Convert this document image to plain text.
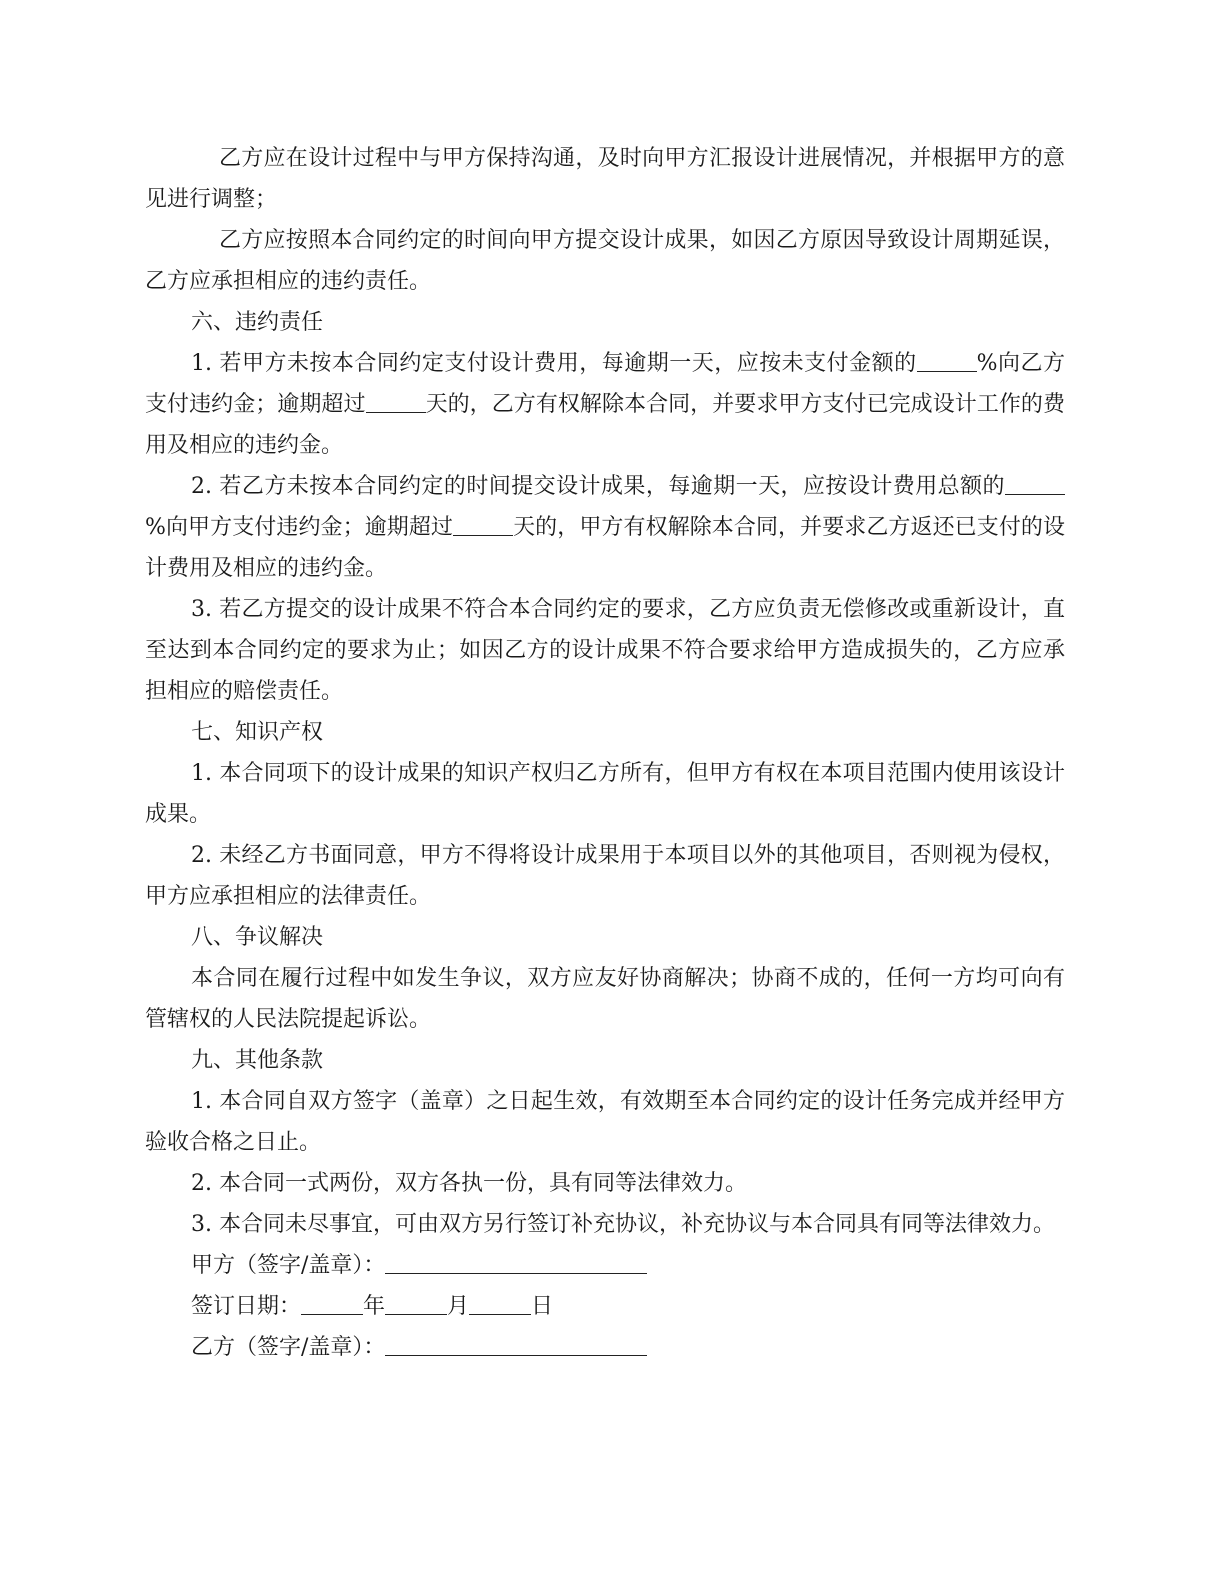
乙方应在设计过程中与甲方保持沟通，及时向甲方汇报设计进展情况，并根据甲方的意见进行调整；

乙方应按照本合同约定的时间向甲方提交设计成果，如因乙方原因导致设计周期延误，乙方应承担相应的违约责任。

六、违约责任

1. 若甲方未按本合同约定支付设计费用，每逾期一天，应按未支付金额的	%向乙方支付违约金；逾期超过	天的，乙方有权解除本合同，并要求甲方支付已完成设计工作的费用及相应的违约金。

2. 若乙方未按本合同约定的时间提交设计成果，每逾期一天，应按设计费用总额的%向甲方支付违约金；逾期超过	天的，甲方有权解除本合同，并要求乙方返还已支付的设计费用及相应的违约金。

3. 若乙方提交的设计成果不符合本合同约定的要求，乙方应负责无偿修改或重新设计，直至达到本合同约定的要求为止；如因乙方的设计成果不符合要求给甲方造成损失的，乙方应承担相应的赔偿责任。

七、知识产权

1. 本合同项下的设计成果的知识产权归乙方所有，但甲方有权在本项目范围内使用该设计成果。

2. 未经乙方书面同意，甲方不得将设计成果用于本项目以外的其他项目，否则视为侵权，甲方应承担相应的法律责任。

八、争议解决

本合同在履行过程中如发生争议，双方应友好协商解决；协商不成的，任何一方均可向有管辖权的人民法院提起诉讼。

九、其他条款

1. 本合同自双方签字（盖章）之日起生效，有效期至本合同约定的设计任务完成并经甲方验收合格之日止。

2. 本合同一式两份，双方各执一份，具有同等法律效力。

3. 本合同未尽事宜，可由双方另行签订补充协议，补充协议与本合同具有同等法律效力。

甲方（签字/盖章）：

签订日期：	年	月	日

乙方（签字/盖章）：
